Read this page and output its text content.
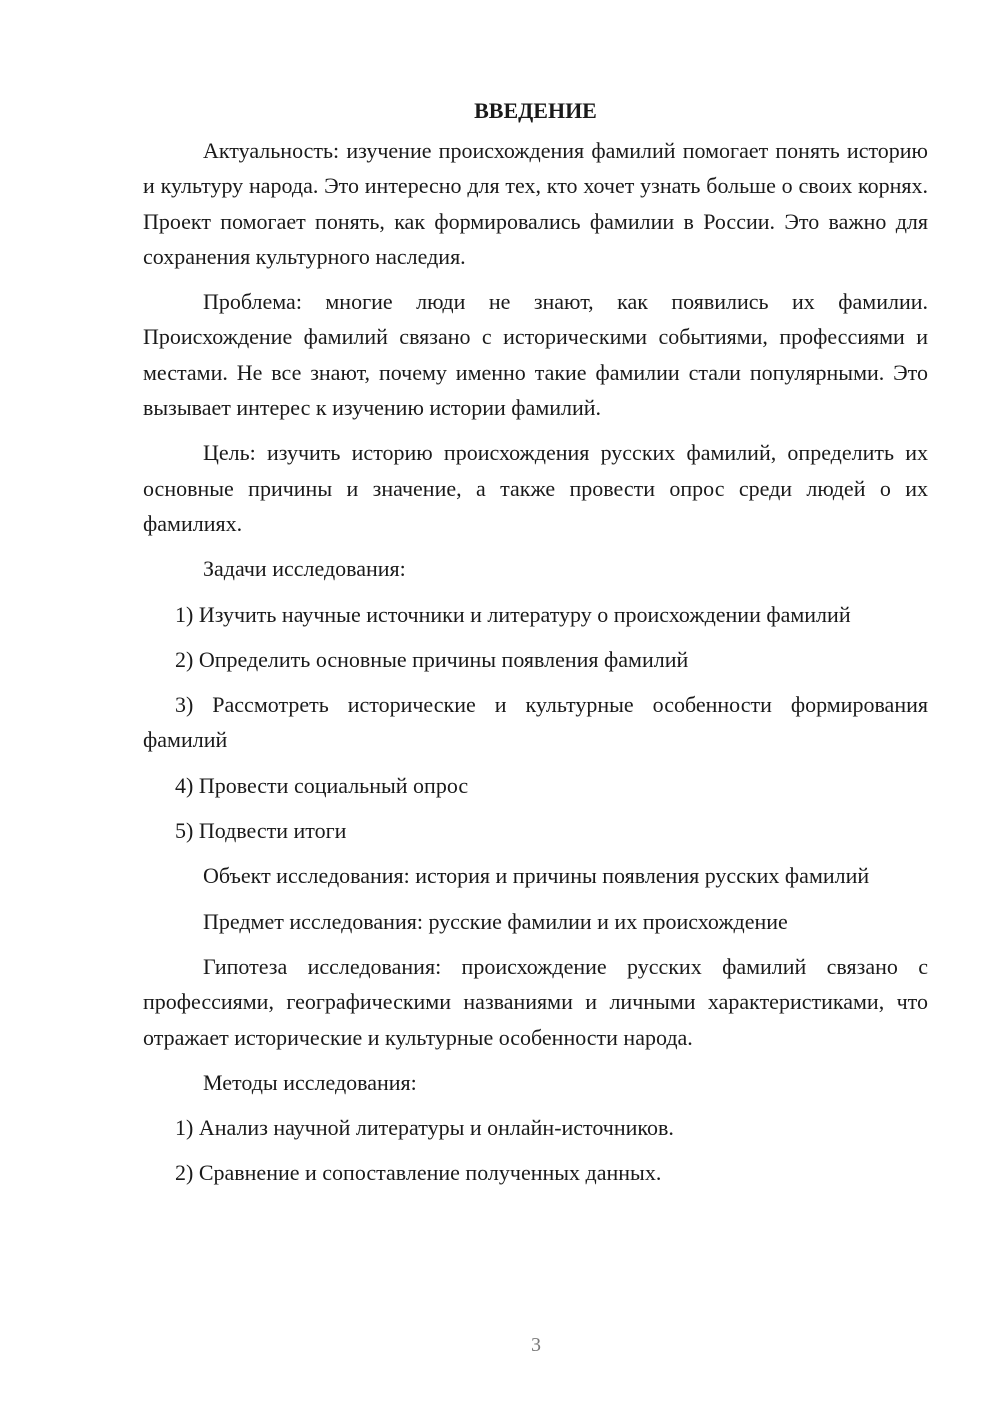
ВВЕДЕНИЕ

Актуальность: изучение происхождения фамилий помогает понять историю и культуру народа. Это интересно для тех, кто хочет узнать больше о своих корнях. Проект помогает понять, как формировались фамилии в России. Это важно для сохранения культурного наследия.

Проблема: многие люди не знают, как появились их фамилии. Происхождение фамилий связано с историческими событиями, профессиями и местами. Не все знают, почему именно такие фамилии стали популярными. Это вызывает интерес к изучению истории фамилий.

Цель: изучить историю происхождения русских фамилий, определить их основные причины и значение, а также провести опрос среди людей о их фамилиях.

Задачи исследования:

1) Изучить научные источники и литературу о происхождении фамилий

2) Определить основные причины появления фамилий

3) Рассмотреть исторические и культурные особенности формирования фамилий

4) Провести социальный опрос

5) Подвести итоги

Объект исследования: история и причины появления русских фамилий

Предмет исследования: русские фамилии и их происхождение

Гипотеза исследования: происхождение русских фамилий связано с профессиями, географическими названиями и личными характеристиками, что отражает исторические и культурные особенности народа.

Методы исследования:

1) Анализ научной литературы и онлайн-источников.

2) Сравнение и сопоставление полученных данных.

3
